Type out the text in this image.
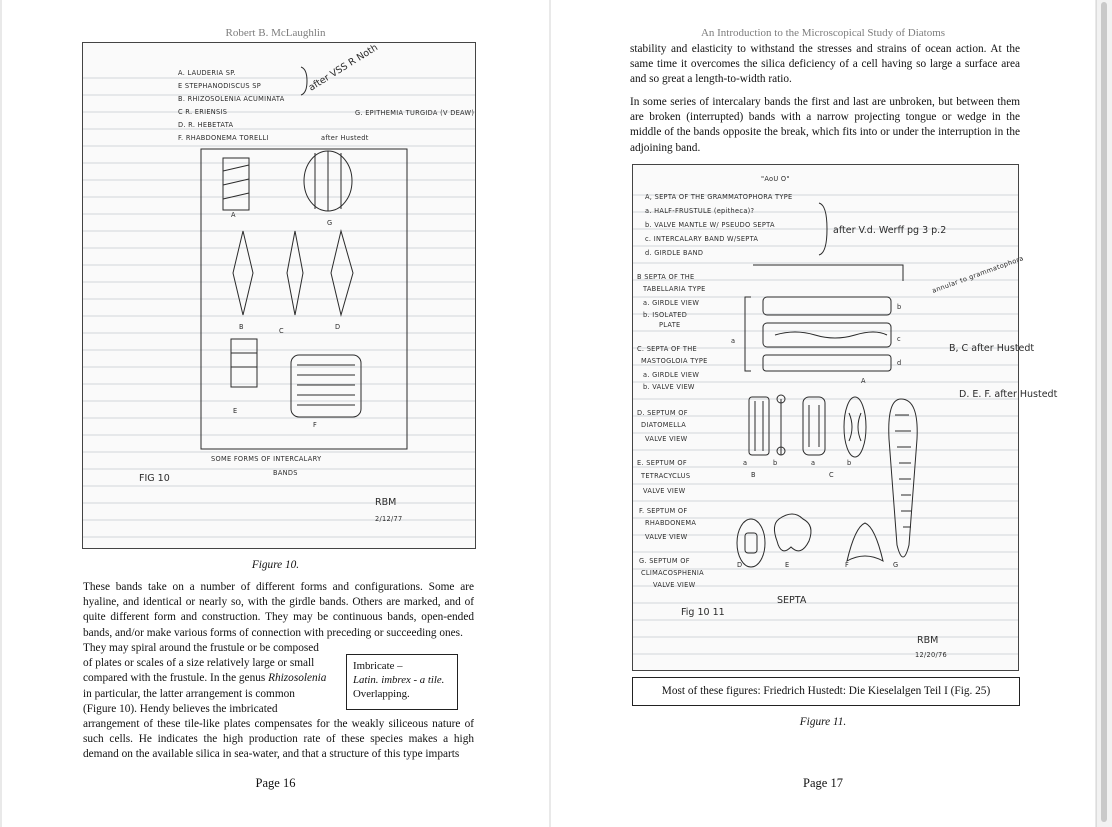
Robert B. McLaughlin
A. LAUDERIA SP.
E STEPHANODISCUS SP
B. RHIZOSOLENIA ACUMINATA
C R. ERIENSIS
D. R. HEBETATA
F. RHABDONEMA TORELLI
after VSS R Noth
G. EPITHEMIA TURGIDA (V DEAW)
after Hustedt
A
G
B	C	D
E
F
SOME FORMS OF INTERCALARY
BANDS
FIG 10
RBM
2/12/77
Figure 10.

These bands take on a number of different forms and configurations. Some are hyaline, and identical or nearly so, with the girdle bands. Others are marked, and of quite different form and construction. They may be continuous bands, open-ended bands, and/or make various forms of connection with preceding or succeeding ones.

They may spiral around the frustule or be composed
of plates or scales of a size relatively large or small
compared with the frustule. In the genus Rhizosolenia
in particular, the latter arrangement is common
(Figure 10). Hendy believes the imbricated
Imbricate –
Latin. imbrex - a tile.
Overlapping.

arrangement of these tile-like plates compensates for the weakly siliceous nature of such cells. He indicates the high production rate of these species makes a high demand on the available silica in sea-water, and that a structure of this type imparts

Page 16
An Introduction to the Microscopical Study of Diatoms

stability and elasticity to withstand the stresses and strains of ocean action. At the same time it overcomes the silica deficiency of a cell having so large a surface area and so great a length-to-width ratio.

In some series of intercalary bands the first and last are unbroken, but between them are broken (interrupted) bands with a narrow projecting tongue or wedge in the middle of the bands opposite the break, which fits into or under the interruption in the adjoining band.

"AoU O"
A, SEPTA OF THE GRAMMATOPHORA TYPE
a. HALF-FRUSTULE (epitheca)?
b. VALVE MANTLE W/ PSEUDO SEPTA
c. INTERCALARY BAND W/SEPTA
d. GIRDLE BAND
after V.d. Werff pg 3 p.2
B SEPTA OF THE
TABELLARIA TYPE
a. GIRDLE VIEW
b. ISOLATED
PLATE
annular to grammatophora
C. SEPTA OF THE
MASTOGLOIA TYPE
a. GIRDLE VIEW
b. VALVE VIEW
B, C after Hustedt
D. SEPTUM OF
DIATOMELLA
VALVE VIEW
D. E. F. after Hustedt
E. SEPTUM OF
TETRACYCLUS
VALVE VIEW
F. SEPTUM OF
RHABDONEMA
VALVE VIEW
G. SEPTUM OF
CLIMACOSPHENIA
VALVE VIEW
A
a
b
c
d
a	b
B
a	b
C
D	E	F	G
Fig 10 11
SEPTA
RBM
12/20/76
Most of these figures: Friedrich Hustedt: Die Kieselalgen Teil I (Fig. 25)
Figure 11.
Page 17
